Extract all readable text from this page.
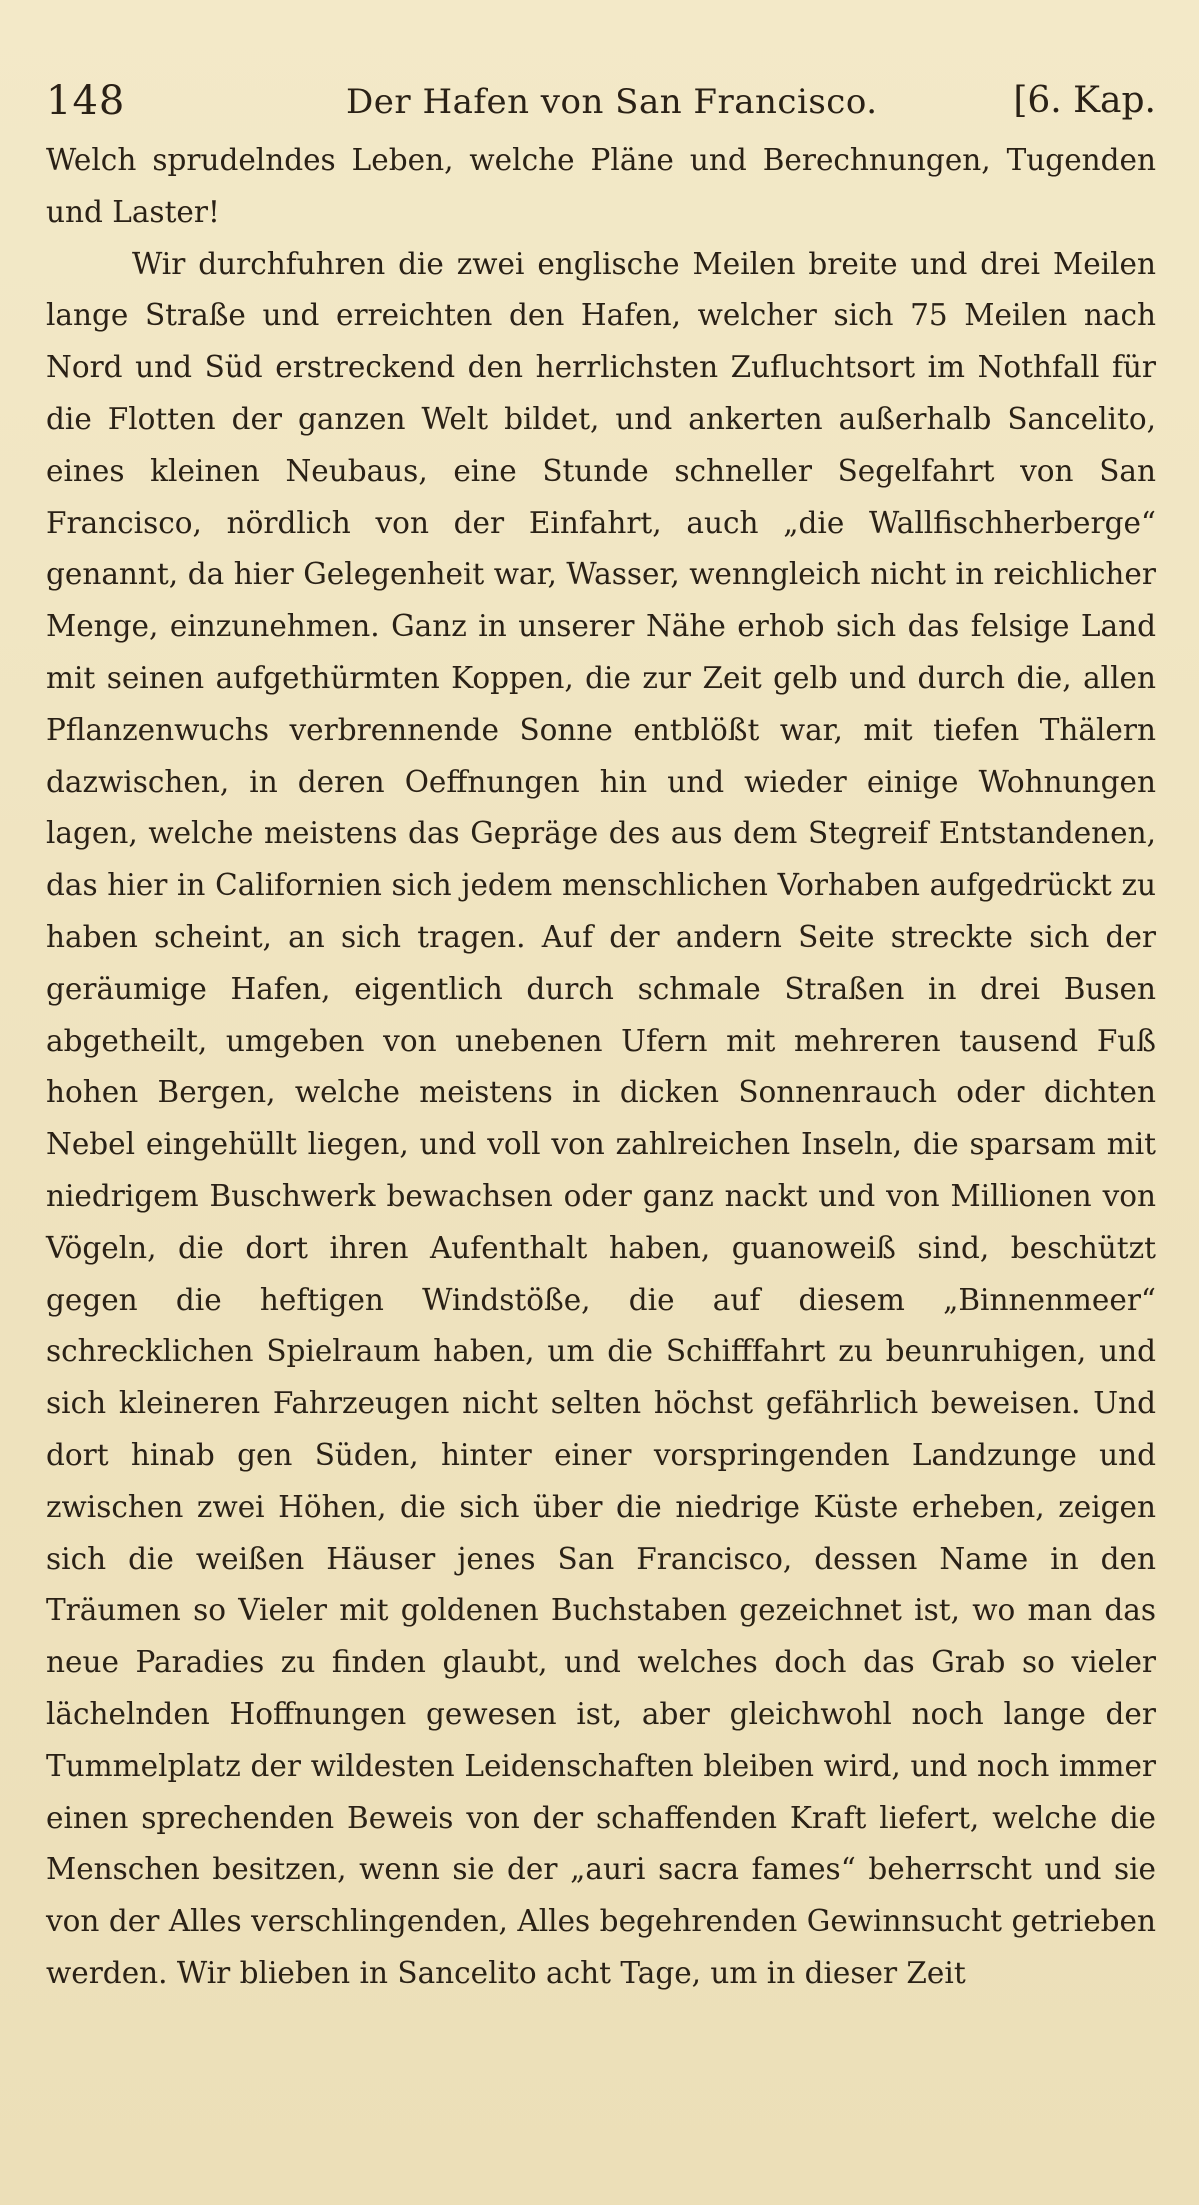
148	Der Hafen von San Francisco.	[6. Kap.

Welch sprudelndes Leben, welche Pläne und Berechnungen, Tugenden und Laster!

Wir durchfuhren die zwei englische Meilen breite und drei Meilen lange Straße und erreichten den Hafen, welcher sich 75 Meilen nach Nord und Süd erstreckend den herrlichsten Zufluchtsort im Nothfall für die Flotten der ganzen Welt bildet, und ankerten außerhalb Sancelito, eines kleinen Neubaus, eine Stunde schneller Segelfahrt von San Francisco, nördlich von der Einfahrt, auch „die Wallfischherberge“ genannt, da hier Gelegenheit war, Wasser, wenngleich nicht in reichlicher Menge, einzunehmen. Ganz in unserer Nähe erhob sich das felsige Land mit seinen aufgethürmten Koppen, die zur Zeit gelb und durch die, allen Pflanzenwuchs verbrennende Sonne entblößt war, mit tiefen Thälern dazwischen, in deren Oeffnungen hin und wieder einige Wohnungen lagen, welche meistens das Gepräge des aus dem Stegreif Entstandenen, das hier in Californien sich jedem menschlichen Vorhaben aufgedrückt zu haben scheint, an sich tragen. Auf der andern Seite streckte sich der geräumige Hafen, eigentlich durch schmale Straßen in drei Busen abgetheilt, umgeben von unebenen Ufern mit mehreren tausend Fuß hohen Bergen, welche meistens in dicken Sonnenrauch oder dichten Nebel eingehüllt liegen, und voll von zahlreichen Inseln, die sparsam mit niedrigem Buschwerk bewachsen oder ganz nackt und von Millionen von Vögeln, die dort ihren Aufenthalt haben, guanoweiß sind, beschützt gegen die heftigen Windstöße, die auf diesem „Binnenmeer“ schrecklichen Spielraum haben, um die Schifffahrt zu beunruhigen, und sich kleineren Fahrzeugen nicht selten höchst gefährlich beweisen. Und dort hinab gen Süden, hinter einer vorspringenden Landzunge und zwischen zwei Höhen, die sich über die niedrige Küste erheben, zeigen sich die weißen Häuser jenes San Francisco, dessen Name in den Träumen so Vieler mit goldenen Buchstaben gezeichnet ist, wo man das neue Paradies zu finden glaubt, und welches doch das Grab so vieler lächelnden Hoffnungen gewesen ist, aber gleichwohl noch lange der Tummelplatz der wildesten Leidenschaften bleiben wird, und noch immer einen sprechenden Beweis von der schaffenden Kraft liefert, welche die Menschen besitzen, wenn sie der „auri sacra fames“ beherrscht und sie von der Alles verschlingenden, Alles begehrenden Gewinnsucht getrieben werden. Wir blieben in Sancelito acht Tage, um in dieser Zeit
